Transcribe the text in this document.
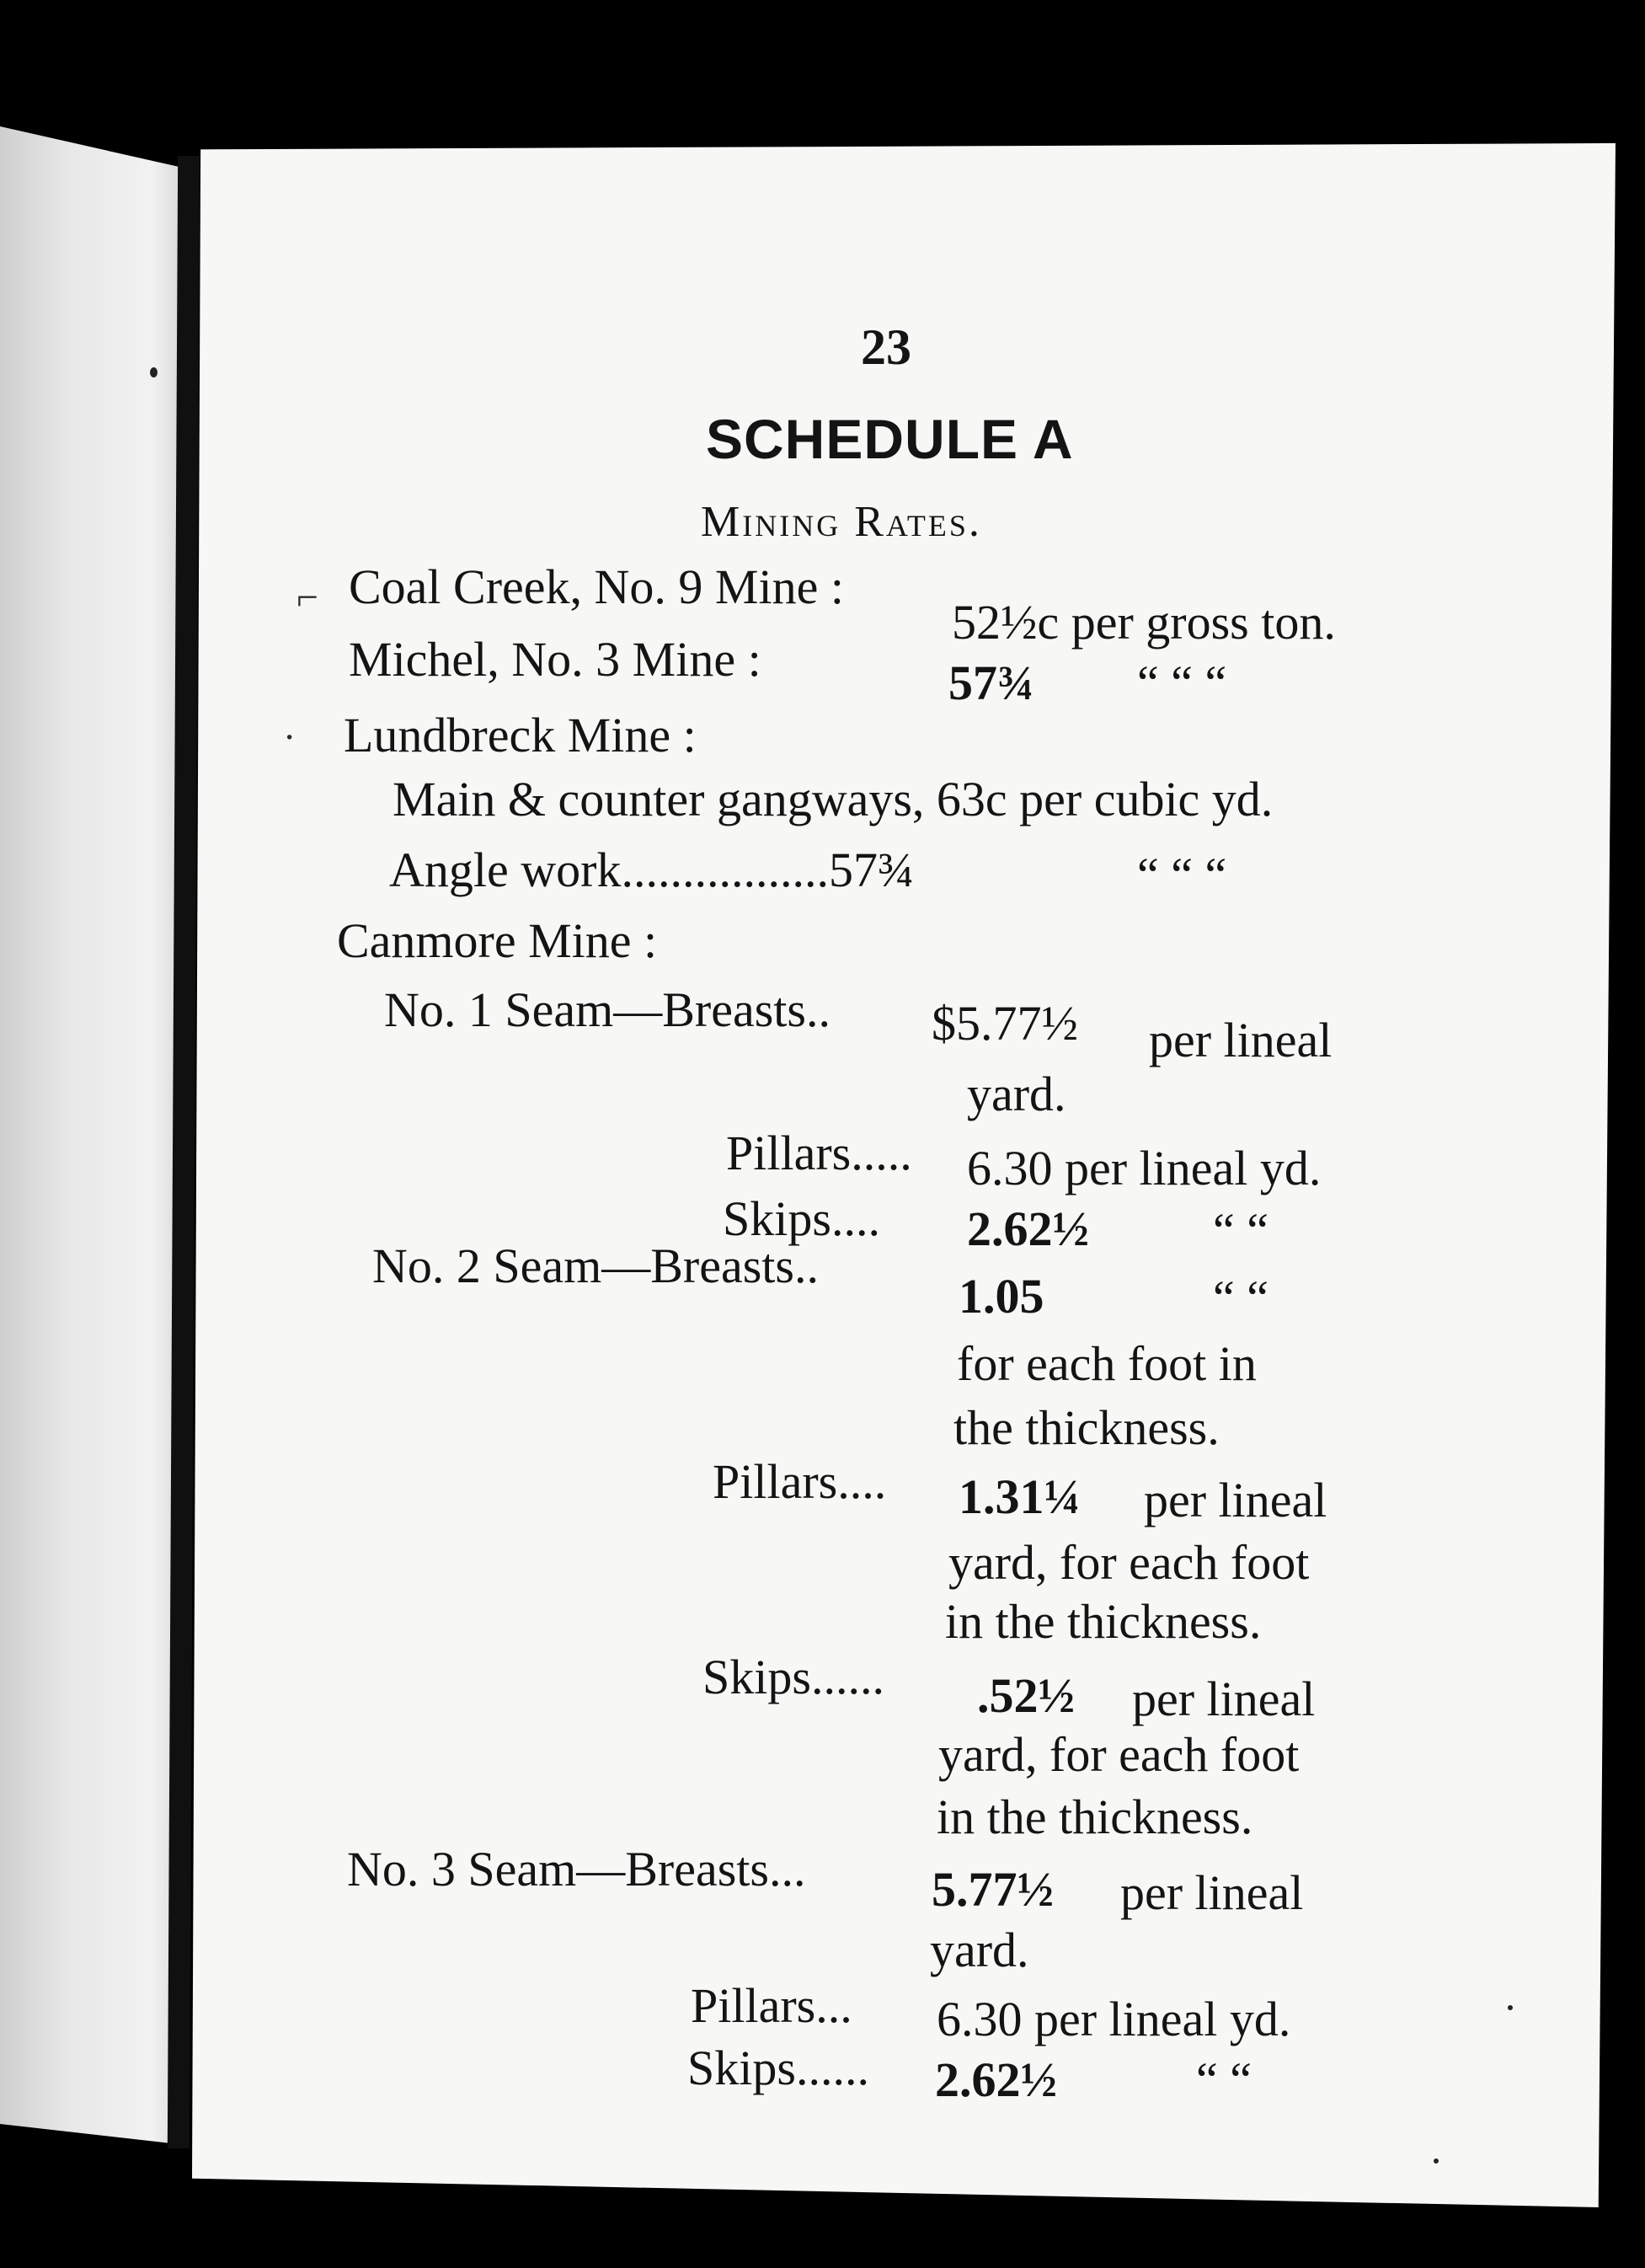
⌐
·
23
SCHEDULE A
Mining Rates.
Coal Creek, No. 9 Mine :
52½c per gross ton.
Michel, No. 3 Mine :	57¾ “ “ “
Lundbreck Mine :
Main & counter gangways, 63c per cubic yd.
Angle work.................57¾	“ “ “
Canmore Mine :
No. 1 Seam—Breasts.. $5.77½ per lineal
yard.
Pillars..... 6.30 per lineal yd.
Skips.... 2.62½	“ “
No. 2 Seam—Breasts..
1.05	“ “
for each foot in
the thickness.
Pillars.... 1.31¼ per lineal
yard, for each foot
in the thickness.
Skips...... .52½ per lineal
yard, for each foot
in the thickness.
No. 3 Seam—Breasts...	5.77½ per lineal
yard.
Pillars... 6.30 per lineal yd.
Skips...... 2.62½	“ “
